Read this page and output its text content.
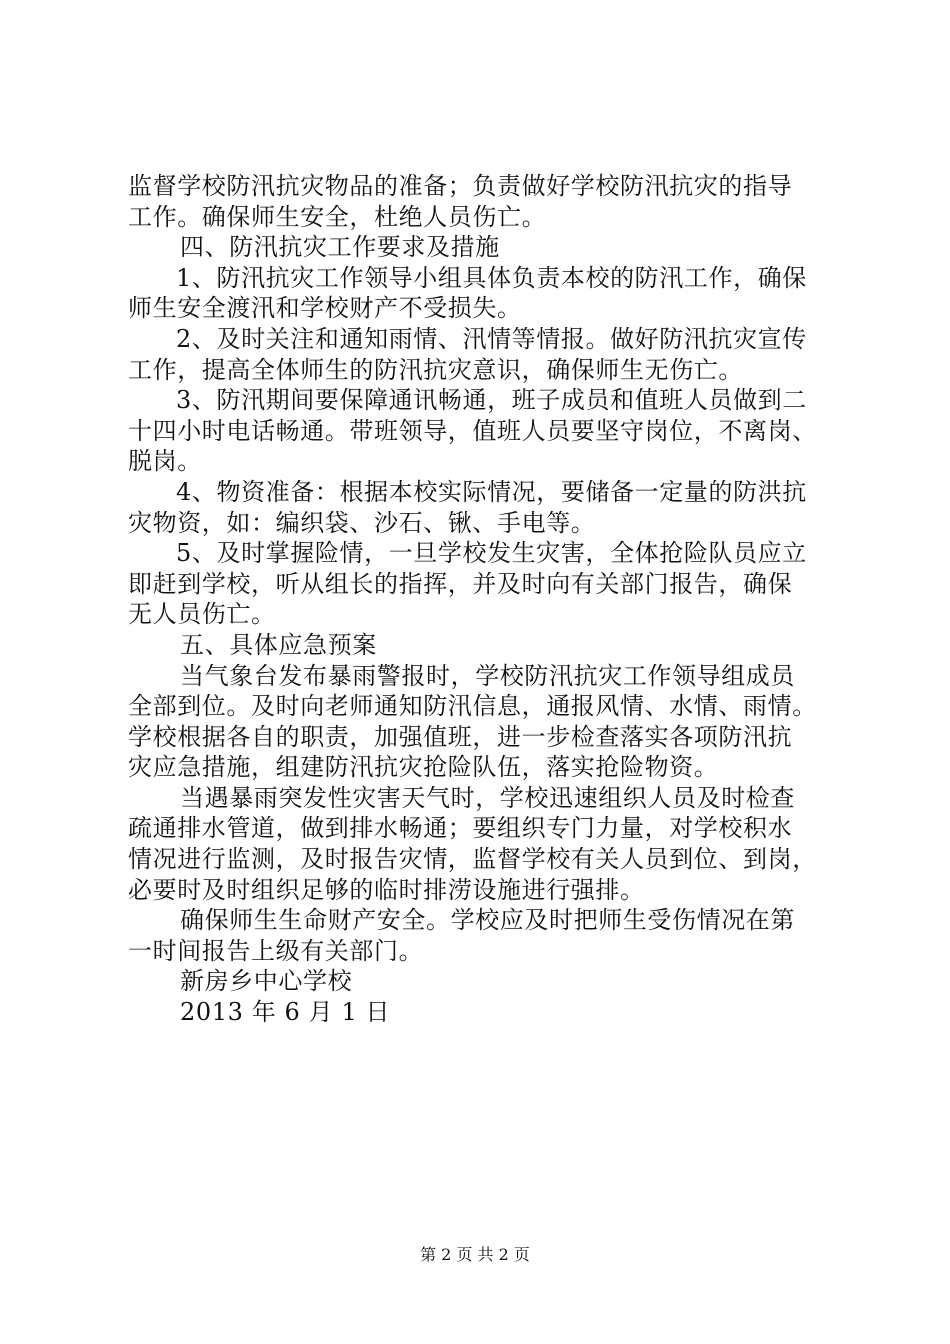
监督学校防汛抗灾物品的准备；负责做好学校防汛抗灾的指导
工作。确保师生安全，杜绝人员伤亡。
四、防汛抗灾工作要求及措施
1、防汛抗灾工作领导小组具体负责本校的防汛工作，确保
师生安全渡汛和学校财产不受损失。
2、及时关注和通知雨情、汛情等情报。做好防汛抗灾宣传
工作，提高全体师生的防汛抗灾意识，确保师生无伤亡。
3、防汛期间要保障通讯畅通，班子成员和值班人员做到二
十四小时电话畅通。带班领导，值班人员要坚守岗位，不离岗、
脱岗。
4、物资准备：根据本校实际情况，要储备一定量的防洪抗
灾物资，如：编织袋、沙石、锹、手电等。
5、及时掌握险情，一旦学校发生灾害，全体抢险队员应立
即赶到学校，听从组长的指挥，并及时向有关部门报告，确保
无人员伤亡。
五、具体应急预案
当气象台发布暴雨警报时，学校防汛抗灾工作领导组成员
全部到位。及时向老师通知防汛信息，通报风情、水情、雨情。
学校根据各自的职责，加强值班，进一步检查落实各项防汛抗
灾应急措施，组建防汛抗灾抢险队伍，落实抢险物资。
当遇暴雨突发性灾害天气时，学校迅速组织人员及时检查
疏通排水管道，做到排水畅通；要组织专门力量，对学校积水
情况进行监测，及时报告灾情，监督学校有关人员到位、到岗，
必要时及时组织足够的临时排涝设施进行强排。
确保师生生命财产安全。学校应及时把师生受伤情况在第
一时间报告上级有关部门。
新房乡中心学校
2013 年 6 月 1 日
第 2 页 共 2 页
